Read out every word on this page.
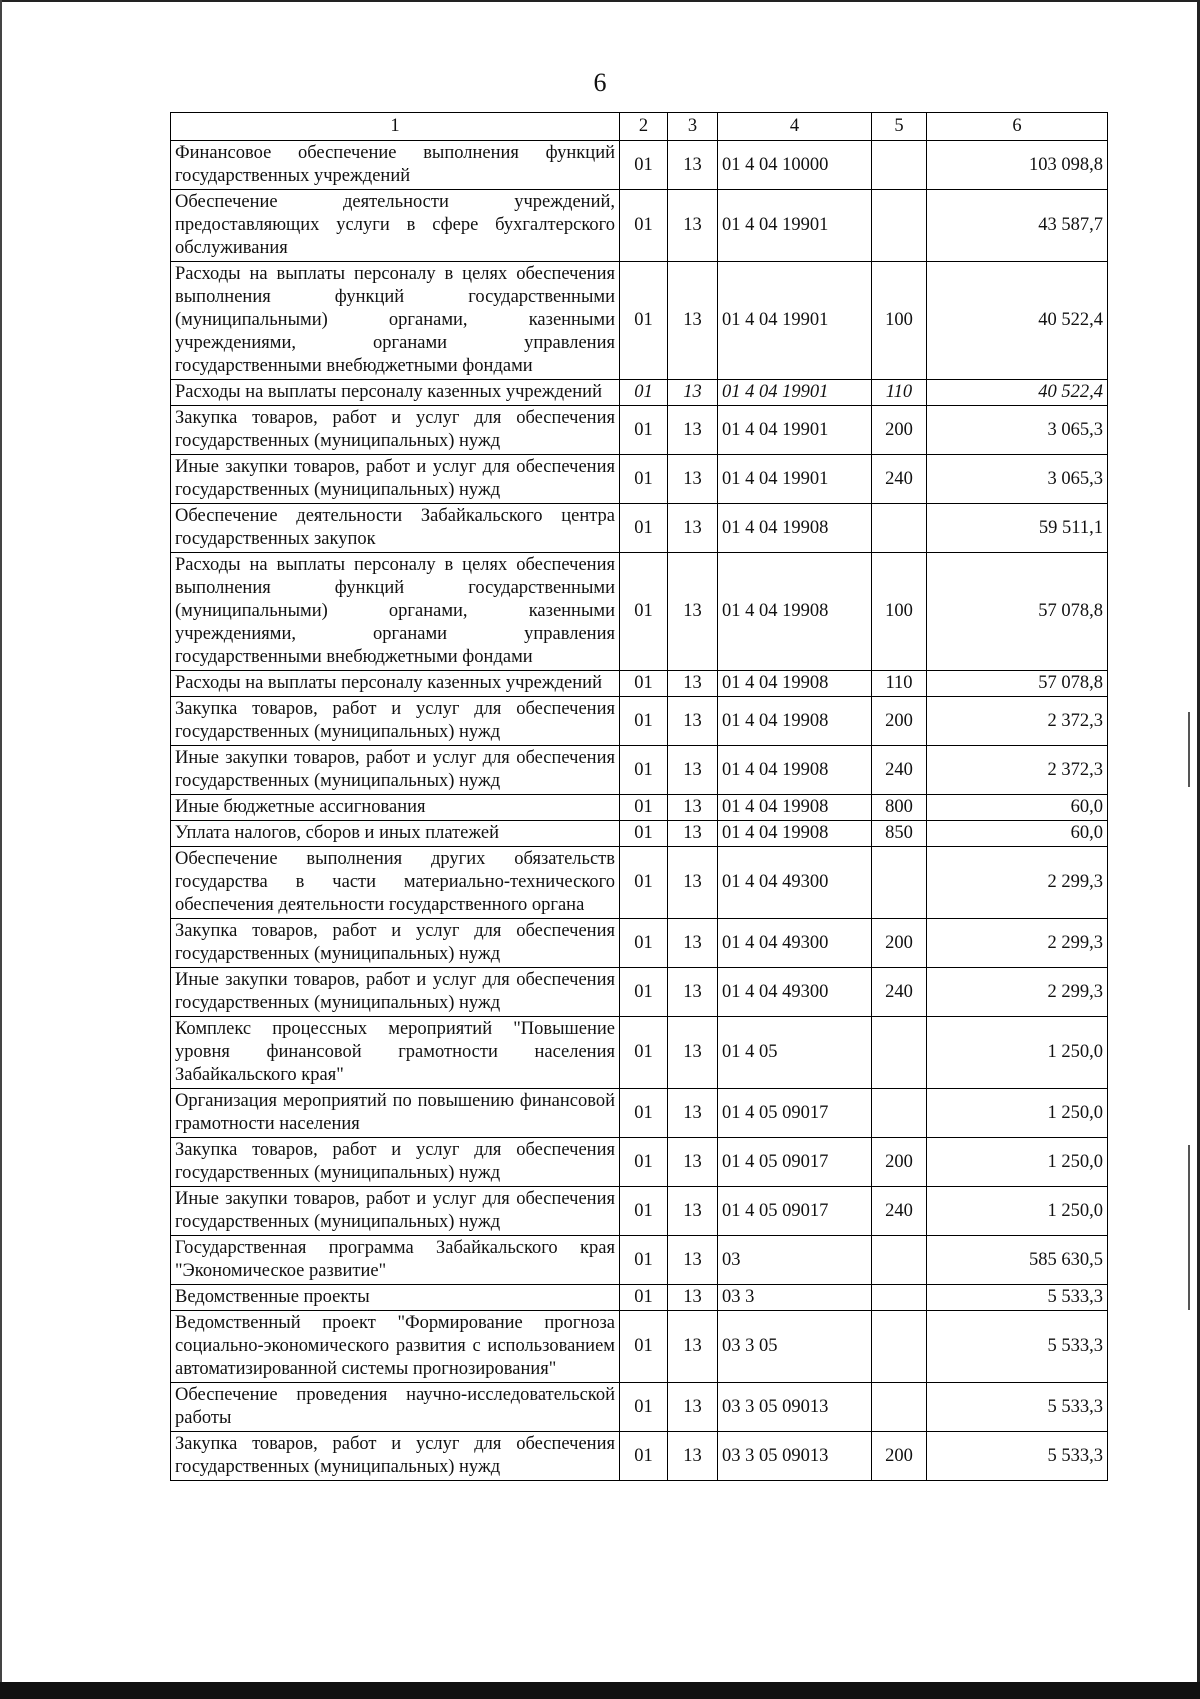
6
1	2	3	4	5	6
Финансовое обеспечение выполнения функций государственных учреждений	01	13	01 4 04 10000		103 098,8
Обеспечение деятельности учреждений, предоставляющих услуги в сфере бухгалтерского обслуживания	01	13	01 4 04 19901		43 587,7
Расходы на выплаты персоналу в целях обеспечения выполнения функций государственными (муниципальными) органами, казенными учреждениями, органами управления государственными внебюджетными фондами	01	13	01 4 04 19901	100	40 522,4
Расходы на выплаты персоналу казенных учреждений	01	13	01 4 04 19901	110	40 522,4
Закупка товаров, работ и услуг для обеспечения государственных (муниципальных) нужд	01	13	01 4 04 19901	200	3 065,3
Иные закупки товаров, работ и услуг для обеспечения государственных (муниципальных) нужд	01	13	01 4 04 19901	240	3 065,3
Обеспечение деятельности Забайкальского центра государственных закупок	01	13	01 4 04 19908		59 511,1
Расходы на выплаты персоналу в целях обеспечения выполнения функций государственными (муниципальными) органами, казенными учреждениями, органами управления государственными внебюджетными фондами	01	13	01 4 04 19908	100	57 078,8
Расходы на выплаты персоналу казенных учреждений	01	13	01 4 04 19908	110	57 078,8
Закупка товаров, работ и услуг для обеспечения государственных (муниципальных) нужд	01	13	01 4 04 19908	200	2 372,3
Иные закупки товаров, работ и услуг для обеспечения государственных (муниципальных) нужд	01	13	01 4 04 19908	240	2 372,3
Иные бюджетные ассигнования	01	13	01 4 04 19908	800	60,0
Уплата налогов, сборов и иных платежей	01	13	01 4 04 19908	850	60,0
Обеспечение выполнения других обязательств государства в части материально-технического обеспечения деятельности государственного органа	01	13	01 4 04 49300		2 299,3
Закупка товаров, работ и услуг для обеспечения государственных (муниципальных) нужд	01	13	01 4 04 49300	200	2 299,3
Иные закупки товаров, работ и услуг для обеспечения государственных (муниципальных) нужд	01	13	01 4 04 49300	240	2 299,3
Комплекс процессных мероприятий "Повышение уровня финансовой грамотности населения Забайкальского края"	01	13	01 4 05		1 250,0
Организация мероприятий по повышению финансовой грамотности населения	01	13	01 4 05 09017		1 250,0
Закупка товаров, работ и услуг для обеспечения государственных (муниципальных) нужд	01	13	01 4 05 09017	200	1 250,0
Иные закупки товаров, работ и услуг для обеспечения государственных (муниципальных) нужд	01	13	01 4 05 09017	240	1 250,0
Государственная программа Забайкальского края "Экономическое развитие"	01	13	03		585 630,5
Ведомственные проекты	01	13	03 3		5 533,3
Ведомственный проект "Формирование прогноза социально-экономического развития с использованием автоматизированной системы прогнозирования"	01	13	03 3 05		5 533,3
Обеспечение проведения научно-исследовательской работы	01	13	03 3 05 09013		5 533,3
Закупка товаров, работ и услуг для обеспечения государственных (муниципальных) нужд	01	13	03 3 05 09013	200	5 533,3
